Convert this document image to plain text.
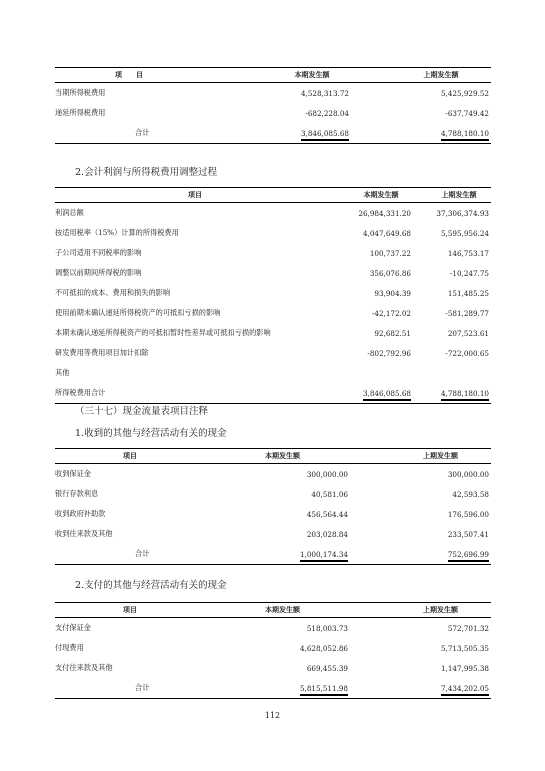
项　　目	本期发生额	上期发生额
当期所得税费用	4,528,313.72	5,425,929.52
递延所得税费用	-682,228.04	-637,749.42
合计	3,846,085.68	4,788,180.10

2.会计利润与所得税费用调整过程

项目	本期发生额	上期发生额
利润总额	26,984,331.20	37,306,374.93
按适用税率（15%）计算的所得税费用	4,047,649.68	5,595,956.24
子公司适用不同税率的影响	100,737.22	146,753.17
调整以前期间所得税的影响	356,076.86	-10,247.75
不可抵扣的成本、费用和损失的影响	93,904.39	151,485.25
使用前期未确认递延所得税资产的可抵扣亏损的影响	-42,172.02	-581,289.77
本期未确认递延所得税资产的可抵扣暂时性差异或可抵扣亏损的影响	92,682.51	207,523.61
研发费用等费用项目加计扣除	-802,792.96	-722,000.65
其他		
所得税费用合计	3,846,085.68	4,788,180.10

（三十七）现金流量表项目注释

1.收到的其他与经营活动有关的现金

项目	本期发生额	上期发生额
收到保证金	300,000.00	300,000.00
银行存款利息	40,581.06	42,593.58
收到政府补助款	456,564.44	176,596.00
收到往来款及其他	203,028.84	233,507.41
合计	1,000,174.34	752,696.99

2.支付的其他与经营活动有关的现金

项目	本期发生额	上期发生额
支付保证金	518,003.73	572,701.32
付现费用	4,628,052.86	5,713,505.35
支付往来款及其他	669,455.39	1,147,995.38
合计	5,815,511.98	7,434,202.05
112
